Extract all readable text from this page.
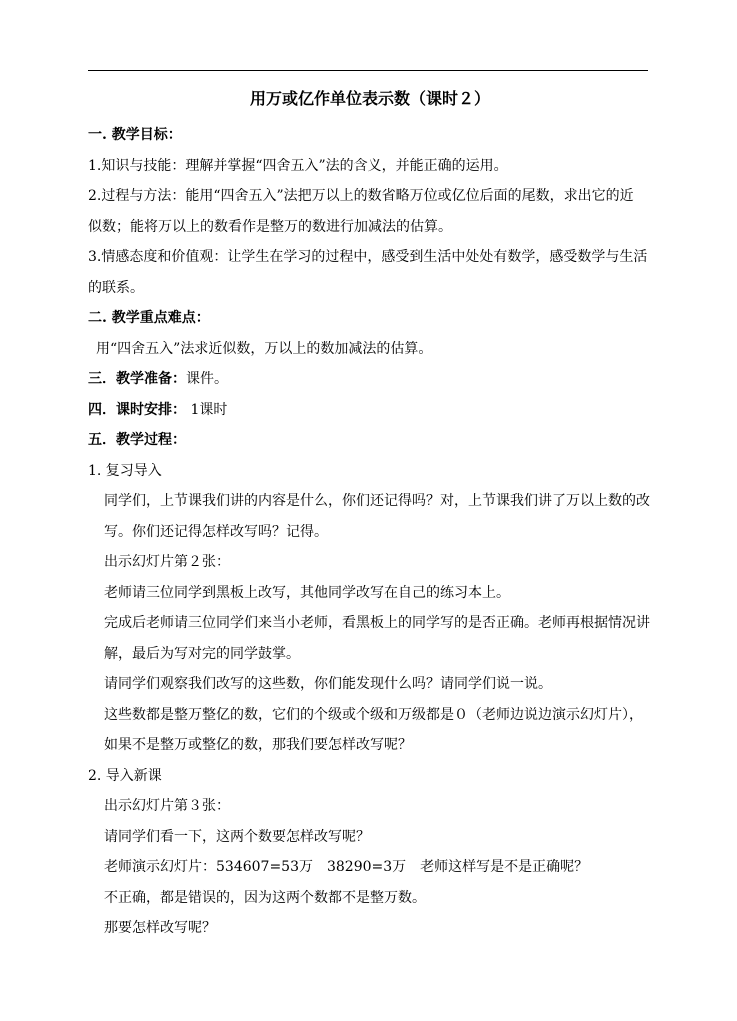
用万或亿作单位表示数（课时２）
一. 教学目标：
1.知识与技能：理解并掌握“四舍五入”法的含义，并能正确的运用。
2.过程与方法：能用“四舍五入”法把万以上的数省略万位或亿位后面的尾数，求出它的近
似数；能将万以上的数看作是整万的数进行加减法的估算。
3.情感态度和价值观：让学生在学习的过程中，感受到生活中处处有数学，感受数学与生活
的联系。
二. 教学重点难点：
用“四舍五入”法求近似数，万以上的数加减法的估算。
三．教学准备：课件。
四．课时安排： 1课时
五．教学过程：
1. 复习导入
同学们，上节课我们讲的内容是什么，你们还记得吗？对，上节课我们讲了万以上数的改
写。你们还记得怎样改写吗？记得。
出示幻灯片第２张：
老师请三位同学到黑板上改写，其他同学改写在自己的练习本上。
完成后老师请三位同学们来当小老师，看黑板上的同学写的是否正确。老师再根据情况讲
解，最后为写对完的同学鼓掌。
请同学们观察我们改写的这些数，你们能发现什么吗？请同学们说一说。
这些数都是整万整亿的数，它们的个级或个级和万级都是０（老师边说边演示幻灯片），
如果不是整万或整亿的数，那我们要怎样改写呢？
2. 导入新课
出示幻灯片第３张：
请同学们看一下，这两个数要怎样改写呢？
老师演示幻灯片：534607=53万　38290=3万　老师这样写是不是正确呢？
不正确，都是错误的，因为这两个数都不是整万数。
那要怎样改写呢？
